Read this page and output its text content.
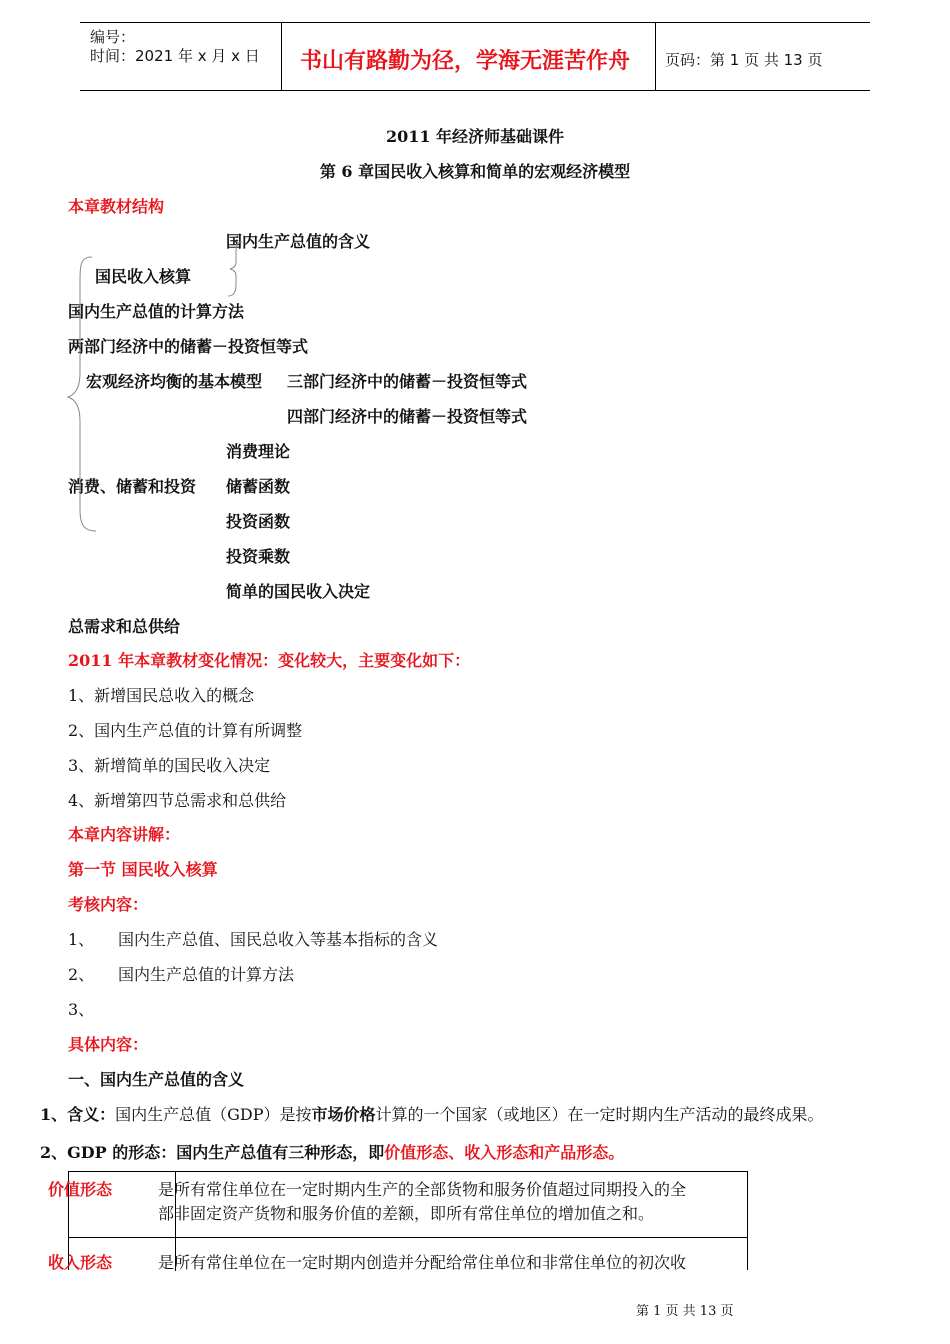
编号：
时间：2021 年 x 月 x 日 书山有路勤为径，学海无涯苦作舟 页码：第 1 页 共 13 页
2011 年经济师基础课件
第 6 章国民收入核算和简单的宏观经济模型
本章教材结构
国内生产总值的含义
国民收入核算
国内生产总值的计算方法
两部门经济中的储蓄－投资恒等式
宏观经济均衡的基本模型 三部门经济中的储蓄－投资恒等式
四部门经济中的储蓄－投资恒等式
消费理论
消费、储蓄和投资 储蓄函数
投资函数
投资乘数
简单的国民收入决定
总需求和总供给
2011 年本章教材变化情况：变化较大，主要变化如下：
1、新增国民总收入的概念
2、国内生产总值的计算有所调整
3、新增简单的国民收入决定
4、新增第四节总需求和总供给
本章内容讲解：
第一节 国民收入核算
考核内容：
1、 国内生产总值、国民总收入等基本指标的含义
2、 国内生产总值的计算方法
3、
具体内容：
一、国内生产总值的含义
1、含义：国内生产总值（GDP）是按市场价格计算的一个国家（或地区）在一定时期内生产活动的最终成果。
2、GDP 的形态：国内生产总值有三种形态，即价值形态、收入形态和产品形态。
价值形态	是所有常住单位在一定时期内生产的全部货物和服务价值超过同期投入的全
部非固定资产货物和服务价值的差额，即所有常住单位的增加值之和。
收入形态	是所有常住单位在一定时期内创造并分配给常住单位和非常住单位的初次收
第 1 页 共 13 页
